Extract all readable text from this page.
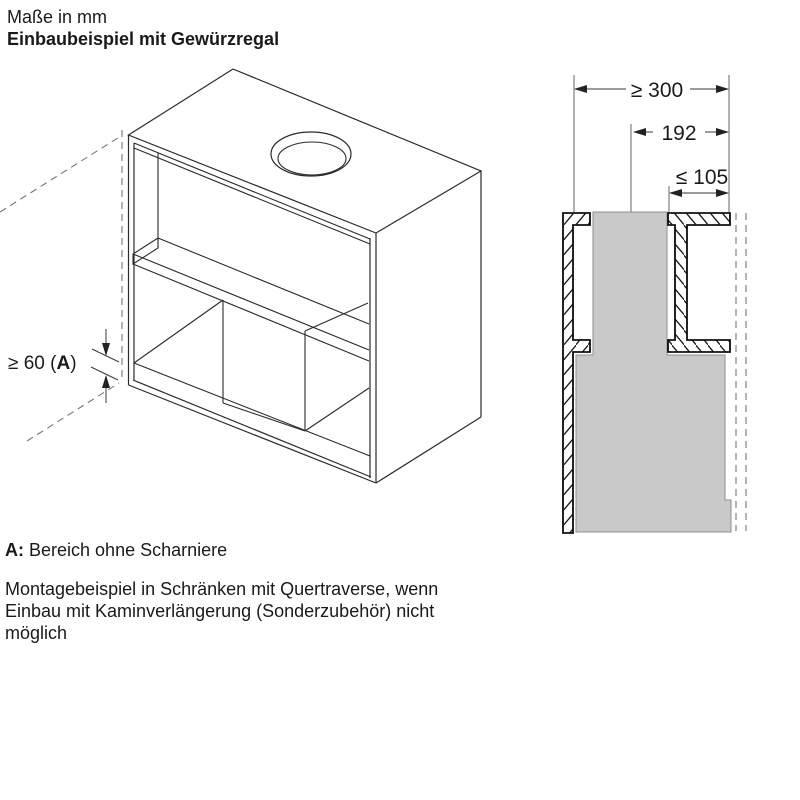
Maße in mm
Einbaubeispiel mit Gewürzregal
≥ 60 (A)
≥ 300
192
≤ 105
A: Bereich ohne Scharniere
Montagebeispiel in Schränken mit Quertraverse, wenn
Einbau mit Kaminverlängerung (Sonderzubehör) nicht
möglich
